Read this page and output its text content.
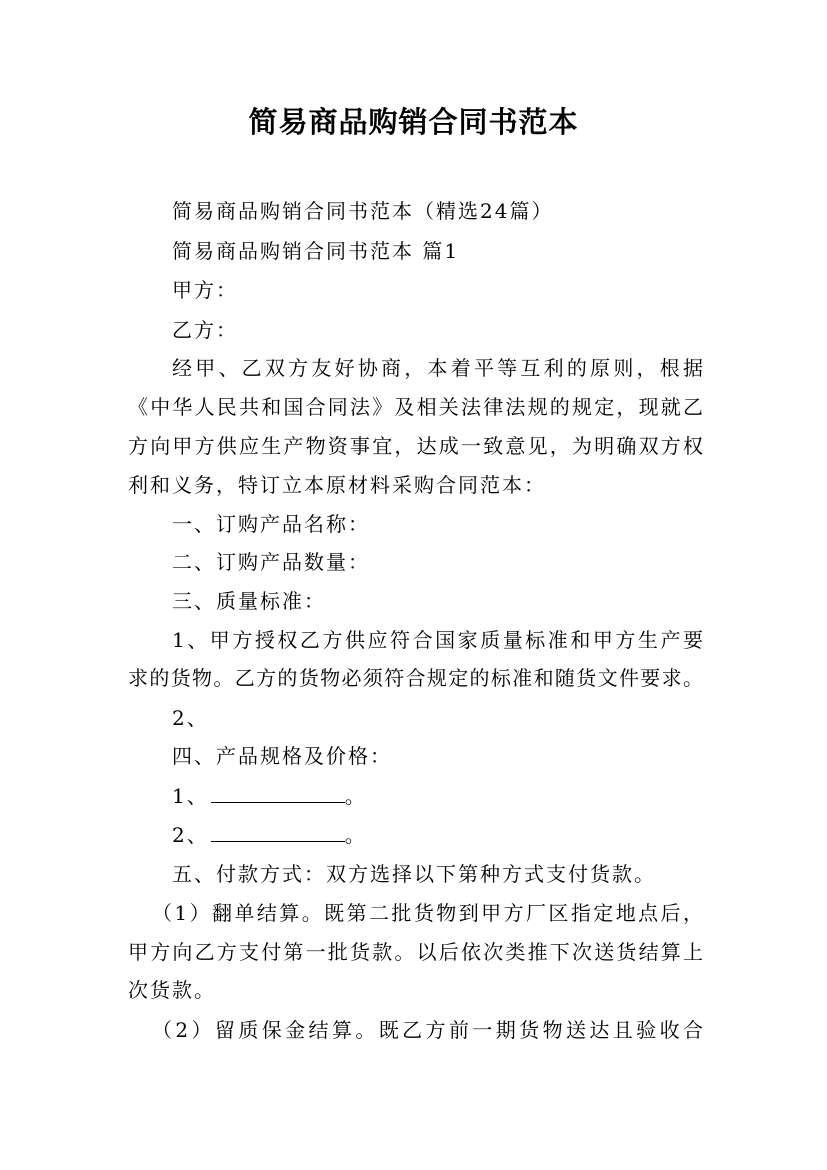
简易商品购销合同书范本
简易商品购销合同书范本（精选24篇）
简易商品购销合同书范本 篇1
甲方：
乙方：
经甲、乙双方友好协商，本着平等互利的原则，根据
《中华人民共和国合同法》及相关法律法规的规定，现就乙
方向甲方供应生产物资事宜，达成一致意见，为明确双方权
利和义务，特订立本原材料采购合同范本：
一、订购产品名称：
二、订购产品数量：
三、质量标准：
1、甲方授权乙方供应符合国家质量标准和甲方生产要
求的货物。乙方的货物必须符合规定的标准和随货文件要求。
2、
四、产品规格及价格：
1、	。
2、	。
五、付款方式：双方选择以下第种方式支付货款。
（1）翻单结算。既第二批货物到甲方厂区指定地点后，
甲方向乙方支付第一批货款。以后依次类推下次送货结算上
次货款。
（2）留质保金结算。既乙方前一期货物送达且验收合
